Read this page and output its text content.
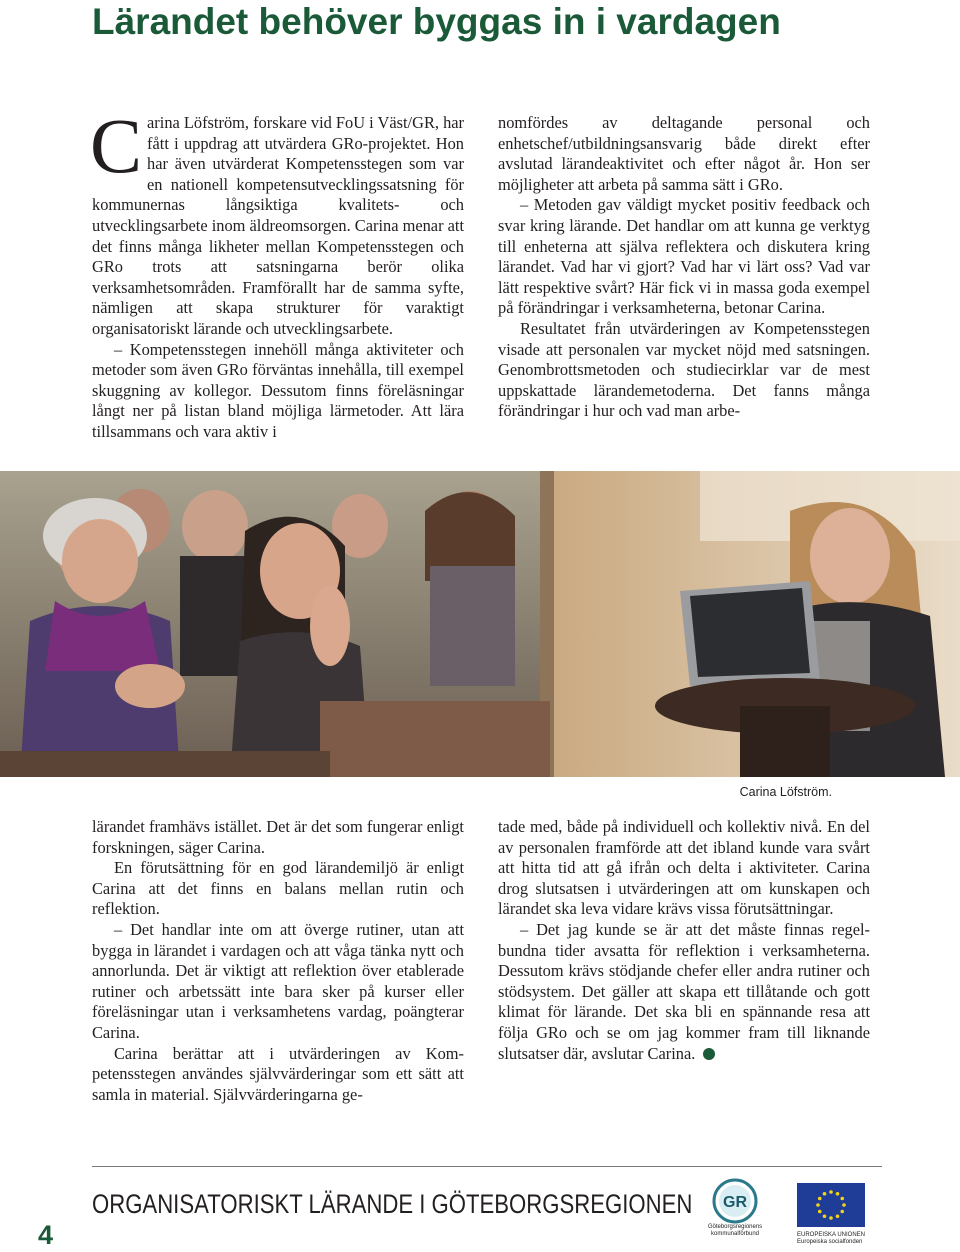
Lärandet behöver byggas in i vardagen

Carina Löfström, forskare vid FoU i Väst/GR, har fått i uppdrag att utvärdera GRo-projektet. Hon har även utvärderat Kompetensstegen som var en nationell kompetensutvecklingssatsning för kommunernas långsiktiga kvalitets- och utvecklingsarbete inom äldreomsorgen. Carina menar att det finns många likheter mellan Kompetensstegen och GRo trots att satsningarna berör olika verksamhetsområden. Framförallt har de samma syfte, nämligen att skapa strukturer för varaktigt organisatoriskt lärande och utvecklingsarbete.

– Kompetensstegen innehöll många aktiviteter och metoder som även GRo förväntas innehålla, till exempel skuggning av kollegor. Dessutom finns föreläsningar långt ner på listan bland möjliga lärmetoder. Att lära tillsammans och vara aktiv i

nomfördes av deltagande personal och enhetschef/utbildningsansvarig både direkt efter avslutad lärandeaktivitet och efter något år. Hon ser möjligheter att arbeta på samma sätt i GRo.

– Metoden gav väldigt mycket positiv feedback och svar kring lärande. Det handlar om att kunna ge verktyg till enheterna att själva reflektera och diskutera kring lärandet. Vad har vi gjort? Vad har vi lärt oss? Vad var lätt respektive svårt? Här fick vi in massa goda exempel på förändringar i verksamheterna, betonar Carina.

Resultatet från utvärderingen av Kompetensstegen visade att personalen var mycket nöjd med satsningen. Genombrottsmetoden och studiecirklar var de mest uppskattade lärandemetoderna. Det fanns många förändringar i hur och vad man arbe-

Carina Löfström.

lärandet framhävs istället. Det är det som fungerar enligt forskningen, säger Carina.

En förutsättning för en god lärandemiljö är enligt Carina att det finns en balans mellan rutin och reflektion.

– Det handlar inte om att överge rutiner, utan att bygga in lärandet i vardagen och att våga tänka nytt och annorlunda. Det är viktigt att reflektion över etablerade rutiner och arbetssätt inte bara sker på kurser eller föreläsningar utan i verksamhetens vardag, poängterar Carina.

Carina berättar att i utvärderingen av Kompetensstegen användes självvärderingar som ett sätt att samla in material. Självvärderingarna ge-

tade med, både på individuell och kollektiv nivå. En del av personalen framförde att det ibland kunde vara svårt att hitta tid att gå ifrån och delta i aktiviteter. Carina drog slutsatsen i utvärderingen att om kunskapen och lärandet ska leva vidare krävs vissa förutsättningar.

– Det jag kunde se är att det måste finnas regelbundna tider avsatta för reflektion i verksamheterna. Dessutom krävs stödjande chefer eller andra rutiner och stödsystem. Det gäller att skapa ett tillåtande och gott klimat för lärande. Det ska bli en spännande resa att följa GRo och se om jag kommer fram till liknande slutsatser där, avslutar Carina.

4
ORGANISATORISKT LÄRANDE I GÖTEBORGSREGIONEN GR
Göteborgsregionens
kommunalförbund	EUROPEISKA UNIONEN
Europeiska socialfonden
